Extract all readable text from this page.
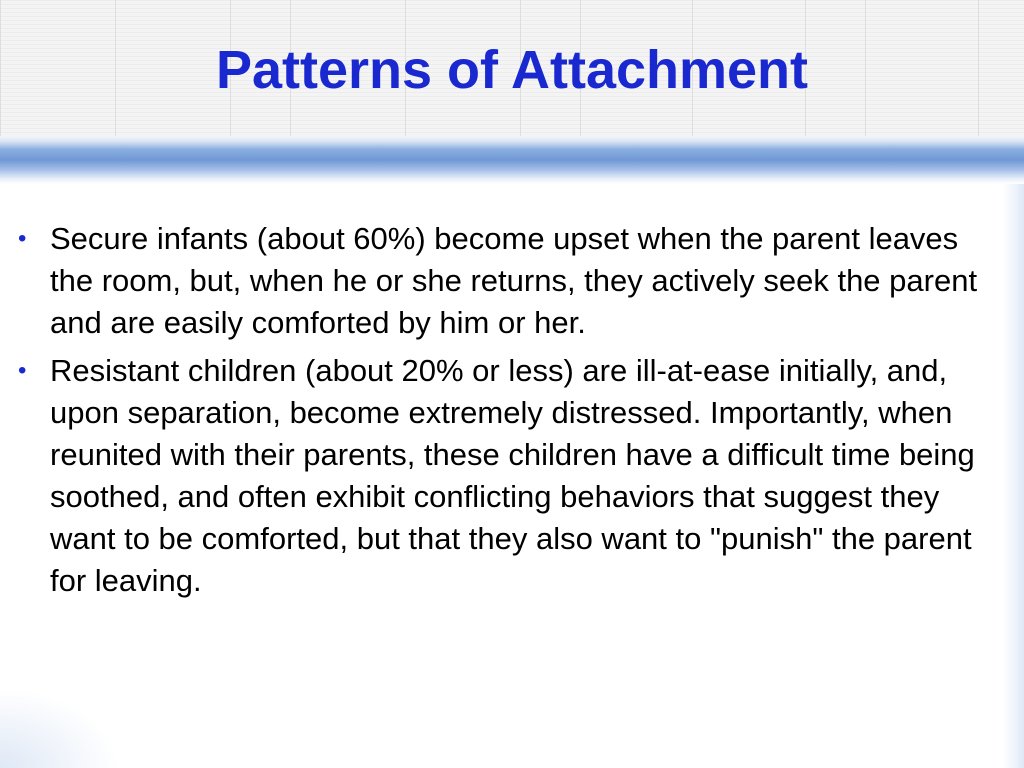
Patterns of Attachment
• Secure infants (about 60%) become upset when the parent leaves the room, but, when he or she returns, they actively seek the parent and are easily comforted by him or her.
• Resistant children (about 20% or less) are ill-at-ease initially, and, upon separation, become extremely distressed. Importantly, when reunited with their parents, these children have a difficult time being soothed, and often exhibit conflicting behaviors that suggest they want to be comforted, but that they also want to "punish" the parent for leaving.
